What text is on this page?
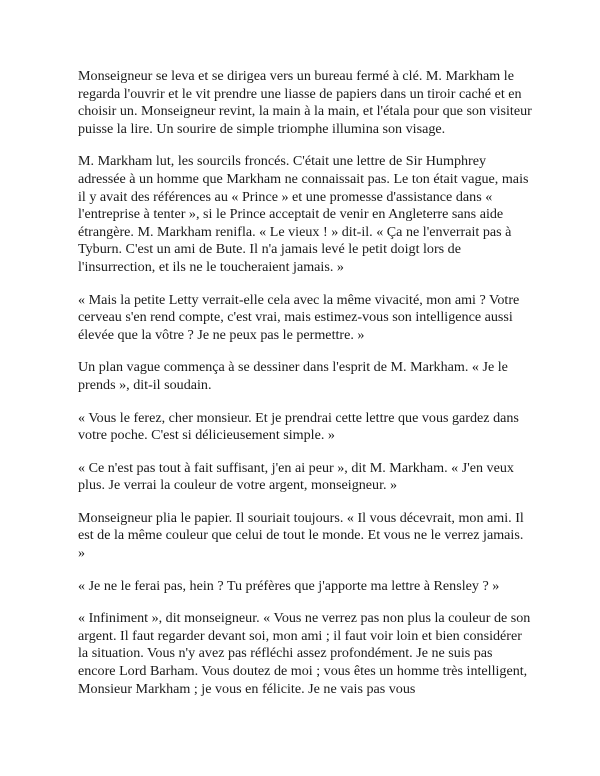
Monseigneur se leva et se dirigea vers un bureau fermé à clé. M. Markham le regarda l'ouvrir et le vit prendre une liasse de papiers dans un tiroir caché et en choisir un. Monseigneur revint, la main à la main, et l'étala pour que son visiteur puisse la lire. Un sourire de simple triomphe illumina son visage.

M. Markham lut, les sourcils froncés. C'était une lettre de Sir Humphrey adressée à un homme que Markham ne connaissait pas. Le ton était vague, mais il y avait des références au « Prince » et une promesse d'assistance dans « l'entreprise à tenter », si le Prince acceptait de venir en Angleterre sans aide étrangère. M. Markham renifla. « Le vieux ! » dit-il. « Ça ne l'enverrait pas à Tyburn. C'est un ami de Bute. Il n'a jamais levé le petit doigt lors de l'insurrection, et ils ne le toucheraient jamais. »

« Mais la petite Letty verrait-elle cela avec la même vivacité, mon ami ? Votre cerveau s'en rend compte, c'est vrai, mais estimez-vous son intelligence aussi élevée que la vôtre ? Je ne peux pas le permettre. »

Un plan vague commença à se dessiner dans l'esprit de M. Markham. « Je le prends », dit-il soudain.

« Vous le ferez, cher monsieur. Et je prendrai cette lettre que vous gardez dans votre poche. C'est si délicieusement simple. »

« Ce n'est pas tout à fait suffisant, j'en ai peur », dit M. Markham. « J'en veux plus. Je verrai la couleur de votre argent, monseigneur. »

Monseigneur plia le papier. Il souriait toujours. « Il vous décevrait, mon ami. Il est de la même couleur que celui de tout le monde. Et vous ne le verrez jamais. »

« Je ne le ferai pas, hein ? Tu préfères que j'apporte ma lettre à Rensley ? »

« Infiniment », dit monseigneur. « Vous ne verrez pas non plus la couleur de son argent. Il faut regarder devant soi, mon ami ; il faut voir loin et bien considérer la situation. Vous n'y avez pas réfléchi assez profondément. Je ne suis pas encore Lord Barham. Vous doutez de moi ; vous êtes un homme très intelligent, Monsieur Markham ; je vous en félicite. Je ne vais pas vous
